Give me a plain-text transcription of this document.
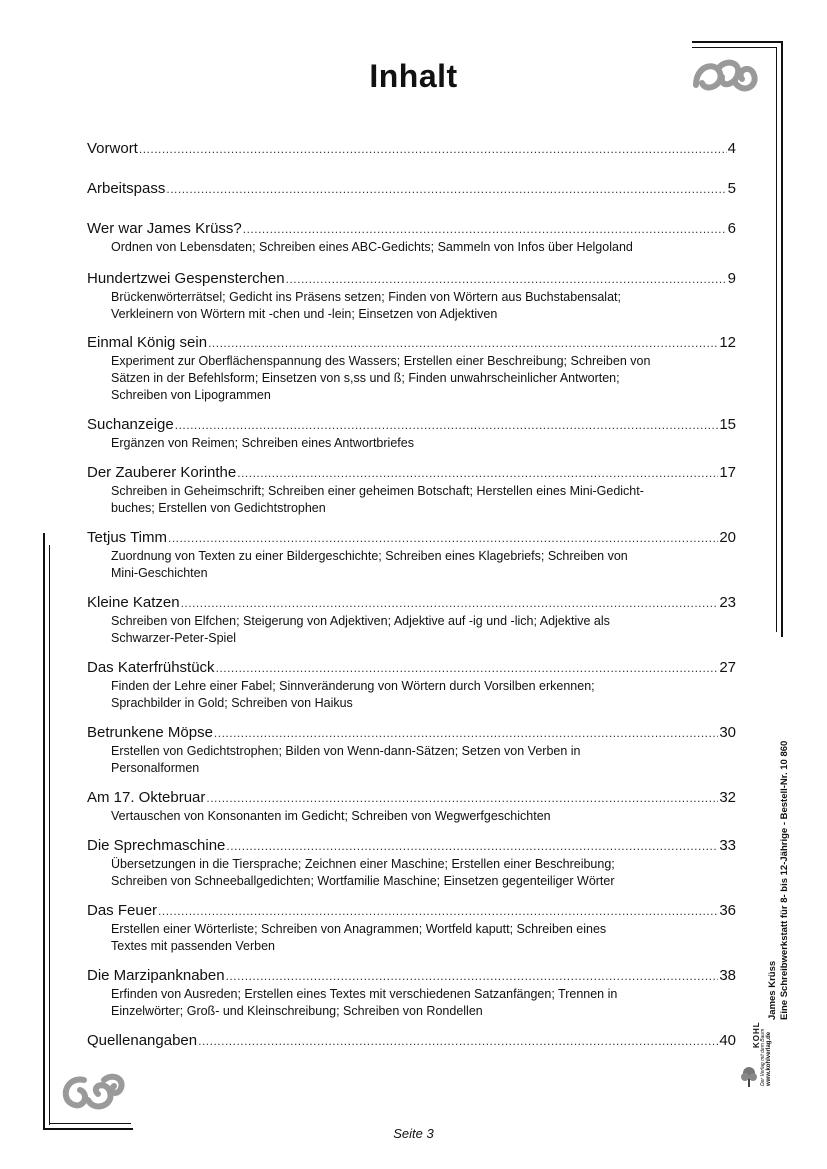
Inhalt
Vorwort .....	4
Arbeitspass .....	5
Wer war James Krüss? .....	6
Ordnen von Lebensdaten; Schreiben eines ABC-Gedichts; Sammeln von Infos über Helgoland
Hundertzwei Gespensterchen .....	9
Brückenwörterrätsel; Gedicht ins Präsens setzen; Finden von Wörtern aus Buchstabensalat;
Verkleinern von Wörtern mit -chen und -lein; Einsetzen von Adjektiven
Einmal König sein .....	12
Experiment zur Oberflächenspannung des Wassers; Erstellen einer Beschreibung; Schreiben von
Sätzen in der Befehlsform; Einsetzen von s,ss und ß; Finden unwahrscheinlicher Antworten;
Schreiben von Lipogrammen
Suchanzeige .....	15
Ergänzen von Reimen; Schreiben eines Antwortbriefes
Der Zauberer Korinthe .....	17
Schreiben in Geheimschrift; Schreiben einer geheimen Botschaft; Herstellen eines Mini-Gedicht-
buches; Erstellen von Gedichtstrophen
Tetjus Timm .....	20
Zuordnung von Texten zu einer Bildergeschichte; Schreiben eines Klagebriefs; Schreiben von
Mini-Geschichten
Kleine Katzen .....	23
Schreiben von Elfchen; Steigerung von Adjektiven; Adjektive auf -ig und -lich; Adjektive als
Schwarzer-Peter-Spiel
Das Katerfrühstück .....	27
Finden der Lehre einer Fabel; Sinnveränderung von Wörtern durch Vorsilben erkennen;
Sprachbilder in Gold; Schreiben von Haikus
Betrunkene Möpse .....	30
Erstellen von Gedichtstrophen; Bilden von Wenn-dann-Sätzen; Setzen von Verben in
Personalformen
Am 17. Oktebruar .....	32
Vertauschen von Konsonanten im Gedicht; Schreiben von Wegwerfgeschichten
Die Sprechmaschine .....	33
Übersetzungen in die Tiersprache; Zeichnen einer Maschine; Erstellen einer Beschreibung;
Schreiben von Schneeballgedichten; Wortfamilie Maschine; Einsetzen gegenteiliger Wörter
Das Feuer .....	36
Erstellen einer Wörterliste; Schreiben von Anagrammen; Wortfeld kaputt; Schreiben eines
Textes mit passenden Verben
Die Marzipanknaben .....	38
Erfinden von Ausreden; Erstellen eines Textes mit verschiedenen Satzanfängen; Trennen in
Einzelwörter; Groß- und Kleinschreibung; Schreiben von Rondellen
Quellenangaben .....	40
Seite 3
KOHL Der Verlag mit dem Baum www.kohlverlag.de
James Krüss Eine Schreibwerkstatt für 8- bis 12-Jährige - Bestell-Nr. 10 860
